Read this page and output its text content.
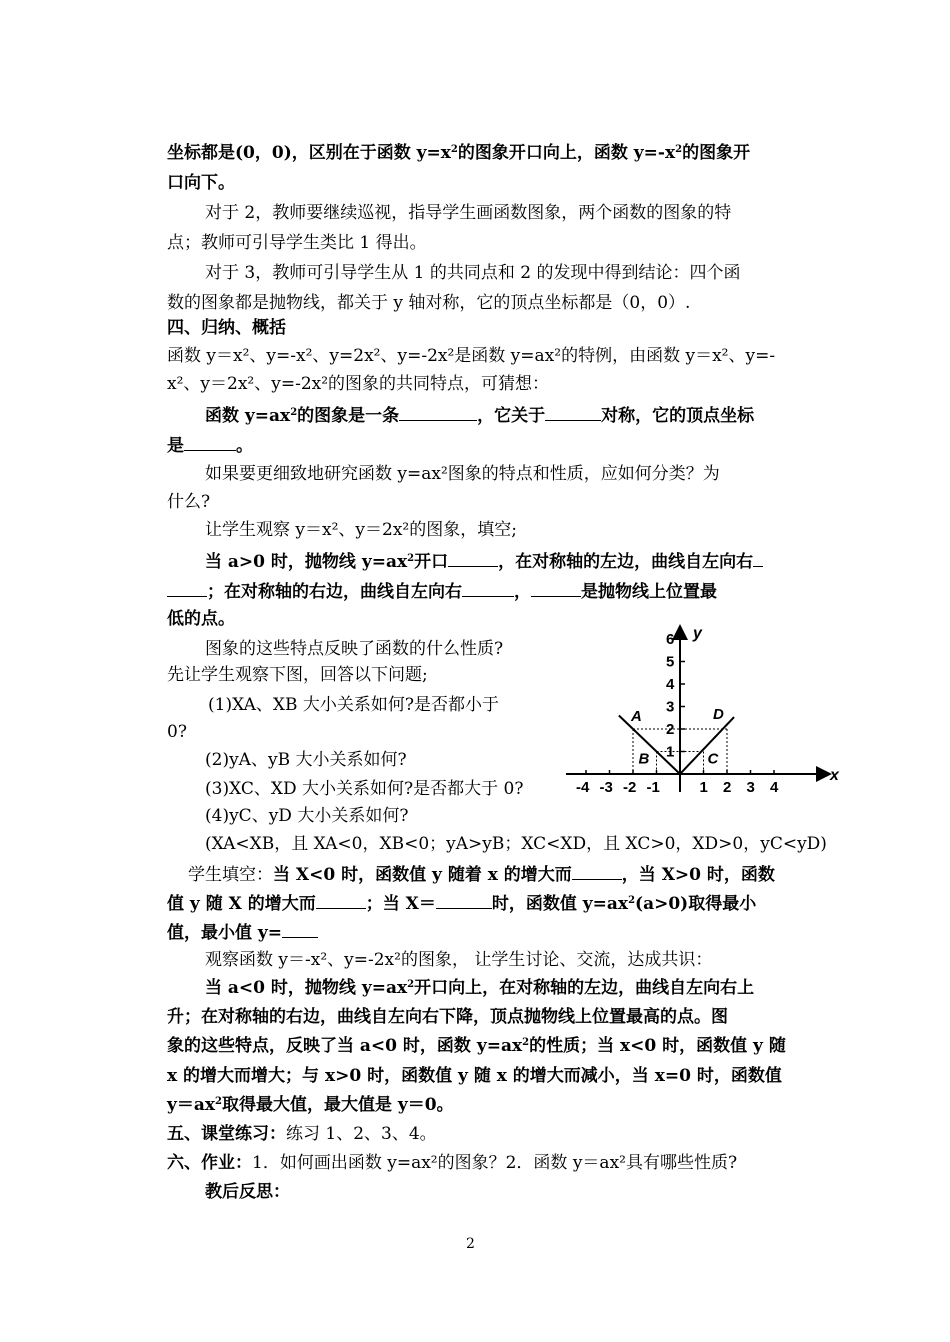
坐标都是(0，0)，区别在于函数 $y=x^2$的图象开口向上，函数 $y=-x^2$的图象开
口向下。
对于 2，教师要继续巡视，指导学生画函数图象，两个函数的图象的特
点；教师可引导学生类比 1 得出。
对于 3，教师可引导学生从 1 的共同点和 2 的发现中得到结论：四个函
数的图象都是抛物线，都关于 y 轴对称，它的顶点坐标都是（0，0）.
四、归纳、概括
函数 y＝x²、y=-x²、y=2x²、y=-2x²是函数 y=ax²的特例，由函数 y＝x²、y=-
x²、y＝2x²、y=-2x²的图象的共同特点，可猜想：
函数 $y=ax^2$的图象是一条	，它关于	对称，它的顶点坐标
是	。
如果要更细致地研究函数 y=ax²图象的特点和性质，应如何分类？为
什么?
让学生观察 y＝x²、y＝2x²的图象，填空;
当 a>0 时，抛物线 $y=ax^2$开口	，在对称轴的左边，曲线自左向右
；在对称轴的右边，曲线自左向右	，	是抛物线上位置最
低的点。
图象的这些特点反映了函数的什么性质?
先让学生观察下图，回答以下问题;
(1)XA、XB 大小关系如何?是否都小于
0?
(2)yA、yB 大小关系如何?
(3)XC、XD 大小关系如何?是否都大于 0?
(4)yC、yD 大小关系如何?
(XA<XB，且 XA<0，XB<0；yA>yB；XC<XD，且 XC>0，XD>0，yC<yD)
学生填空：当 X<0 时，函数值 y 随着 x 的增大而	，当 X>0 时，函数
值 y 随 X 的增大而	；当 X＝	时，函数值 $y=ax^2(a>0)$取得最小
值，最小值 y=
观察函数 y＝-x²、y=-2x²的图象， 让学生讨论、交流，达成共识：
当 a<0 时，抛物线 $y=ax^2$开口向上，在对称轴的左边，曲线自左向右上
升；在对称轴的右边，曲线自左向右下降，顶点抛物线上位置最高的点。图
象的这些特点，反映了当 a<0 时，函数 $y=ax^2$的性质；当 x<0 时，函数值 y 随
x 的增大而增大；与 x>0 时，函数值 y 随 x 的增大而减小，当 x=0 时，函数值
$y=ax^2$取得最大值，最大值是 y＝0。
五、课堂练习：练习 1、2、3、4。
六、作业：1．如何画出函数 y=ax²的图象？2．函数 y＝ax²具有哪些性质?
教后反思：
x
y
-4 -3 -2 -1	1 2 3 4
1
2
3
4
5
6
A
B	C
D
2
